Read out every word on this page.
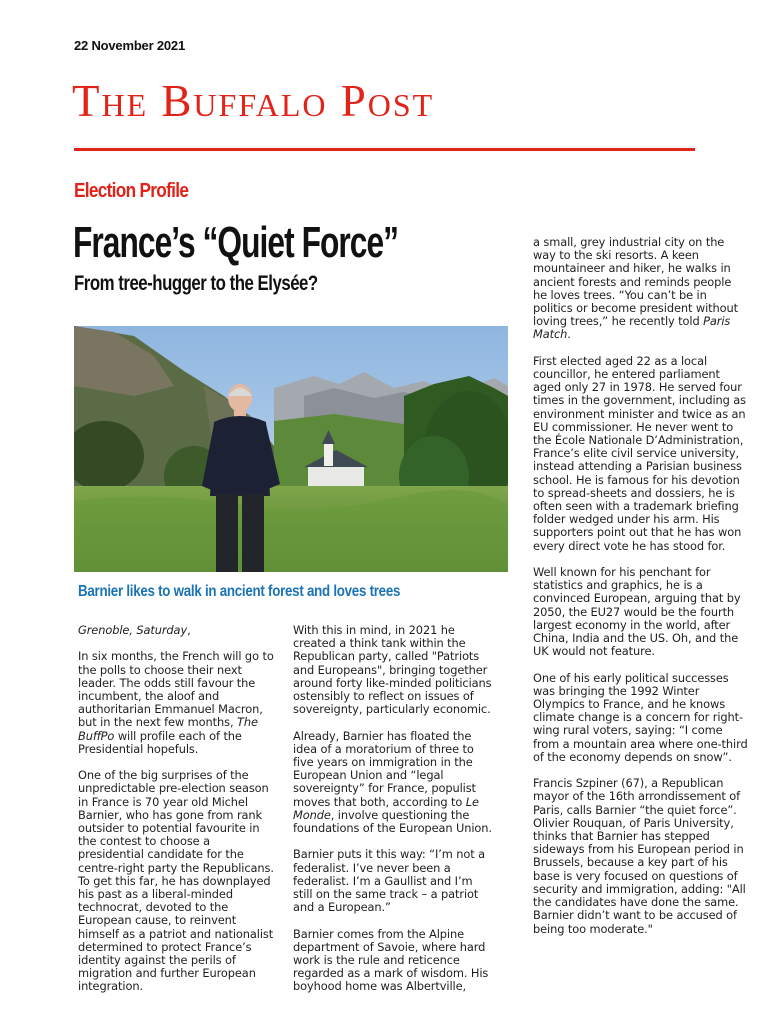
22 November 2021
The Buffalo Post
Election Profile
France’s “Quiet Force”
From tree-hugger to the Elysée?
Barnier likes to walk in ancient forest and loves trees

Grenoble, Saturday,

In six months, the French will go to the polls to choose their next leader. The odds still favour the incumbent, the aloof and authoritarian Emmanuel Macron, but in the next few months, The BuffPo will profile each of the Presidential hopefuls.

One of the big surprises of the unpredictable pre-election season in France is 70 year old Michel Barnier, who has gone from rank outsider to potential favourite in the contest to choose a presidential candidate for the centre-right party the Republicans. To get this far, he has downplayed his past as a liberal-minded technocrat, devoted to the European cause, to reinvent himself as a patriot and nationalist determined to protect France’s identity against the perils of migration and further European integration.

With this in mind, in 2021 he created a think tank within the Republican party, called "Patriots and Europeans", bringing together around forty like-minded politicians ostensibly to reflect on issues of sovereignty, particularly economic.

Already, Barnier has floated the idea of a moratorium of three to five years on immigration in the European Union and “legal sovereignty” for France, populist moves that both, according to Le Monde, involve questioning the foundations of the European Union.

Barnier puts it this way: “I’m not a federalist. I’ve never been a federalist. I’m a Gaullist and I’m still on the same track – a patriot and a European.”

Barnier comes from the Alpine department of Savoie, where hard work is the rule and reticence regarded as a mark of wisdom. His boyhood home was Albertville,

a small, grey industrial city on the way to the ski resorts. A keen mountaineer and hiker, he walks in ancient forests and reminds people he loves trees. “You can’t be in politics or become president without loving trees,” he recently told Paris Match.

First elected aged 22 as a local councillor, he entered parliament aged only 27 in 1978. He served four times in the government, including as environment minister and twice as an EU commissioner. He never went to the École Nationale D’Administration, France’s elite civil service university, instead attending a Parisian business school. He is famous for his devotion to spread-sheets and dossiers, he is often seen with a trademark briefing folder wedged under his arm. His supporters point out that he has won every direct vote he has stood for.

Well known for his penchant for statistics and graphics, he is a convinced European, arguing that by 2050, the EU27 would be the fourth largest economy in the world, after China, India and the US. Oh, and the UK would not feature.

One of his early political successes was bringing the 1992 Winter Olympics to France, and he knows climate change is a concern for right-wing rural voters, saying: “I come from a mountain area where one-third of the economy depends on snow”.

Francis Szpiner (67), a Republican mayor of the 16th arrondissement of Paris, calls Barnier “the quiet force”. Olivier Rouquan, of Paris University, thinks that Barnier has stepped sideways from his European period in Brussels, because a key part of his base is very focused on questions of security and immigration, adding: "All the candidates have done the same. Barnier didn’t want to be accused of being too moderate."
